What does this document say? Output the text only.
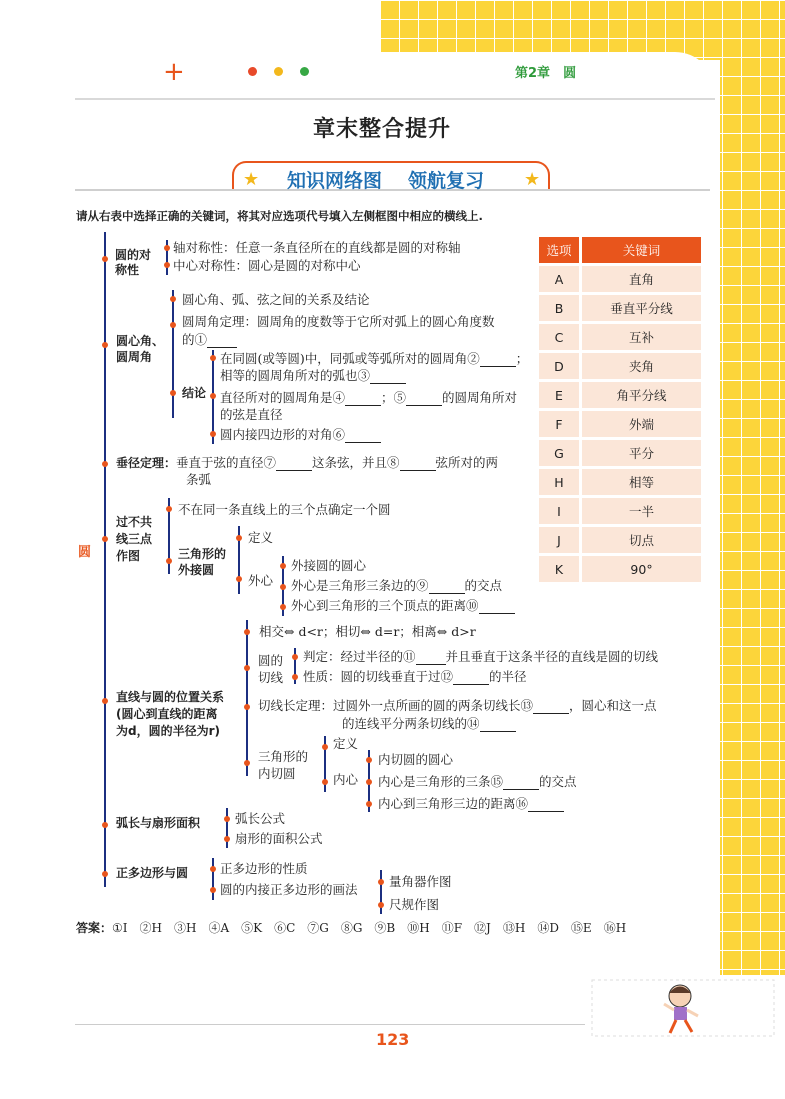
+	第2章　 圆
章末整合提升
★	★
知识网络图 领航复习
请从右表中选择正确的关键词，将其对应选项代号填入左侧框图中相应的横线上.
圆
圆的对称性
轴对称性：任意一条直径所在的直线都是圆的对称轴
中心对称性：圆心是圆的对称中心
圆心角、圆周角
圆心角、弧、弦之间的关系及结论
圆周角定理：圆周角的度数等于它所对弧上的圆心角度数
的①
结论
在同圆(或等圆)中，同弧或等弧所对的圆周角②	；
相等的圆周角所对的弧也③
直径所对的圆周角是④	；⑤	的圆周角所对
的弦是直径
圆内接四边形的对角⑥
垂径定理：垂直于弦的直径⑦	这条弦，并且⑧	弦所对的两
条弧
过不共线三点作图
不在同一条直线上的三个点确定一个圆
三角形的外接圆
定义
外心
外接圆的圆心
外心是三角形三条边的⑨	的交点
外心到三角形的三个顶点的距离⑩
直线与圆的位置关系
(圆心到直线的距离
为d，圆的半径为r)
相交⇔ d<r；相切⇔ d=r；相离⇔ d>r
圆的切线
判定：经过半径的⑪ 并且垂直于这条半径的直线是圆的切线
性质：圆的切线垂直于过⑫	的半径
切线长定理：过圆外一点所画的圆的两条切线长⑬	，圆心和这一点
的连线平分两条切线的⑭
三角形的内切圆
定义
内心
内切圆的圆心
内心是三角形的三条⑮	的交点
内心到三角形三边的距离⑯
弧长与扇形面积	弧长公式
扇形的面积公式
正多边形与圆	正多边形的性质
圆的内接正多边形的画法
量角器作图
尺规作图
选项	关键词
A	直角
B	垂直平分线
C	互补
D	夹角
E	角平分线
F	外端
G	平分
H	相等
I	一半
J	切点
K	90°
答案：①I　②H　③H　④A　⑤K　⑥C　⑦G　⑧G　⑨B　⑩H　⑪F　⑫J　⑬H　⑭D　⑮E　⑯H
123
